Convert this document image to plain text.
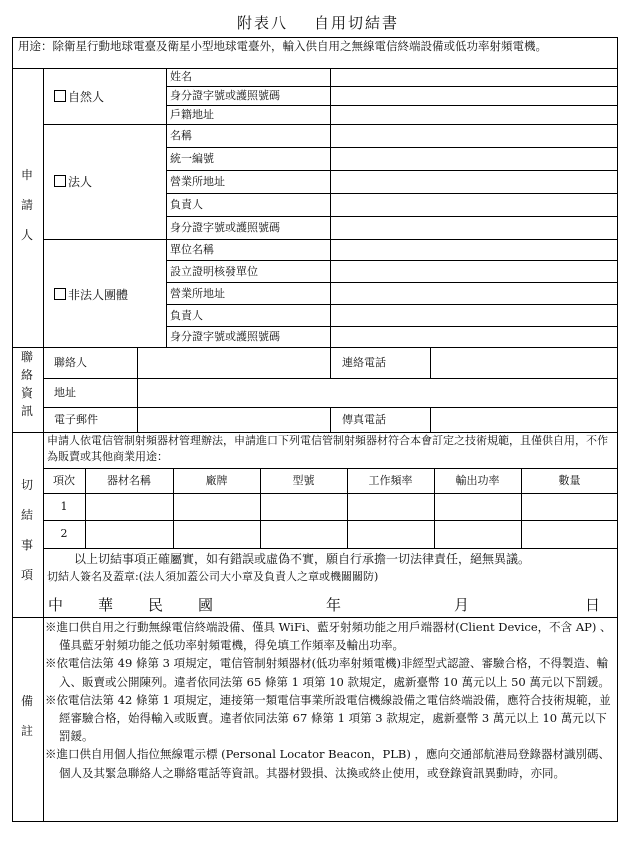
附表八 自用切結書
用途：除衛星行動地球電臺及衛星小型地球電臺外，輸入供自用之無線電信終端設備或低功率射頻電機。
申請人
自然人
姓名
身分證字號或護照號碼
戶籍地址
法人
名稱
統一編號
營業所地址
負責人
身分證字號或護照號碼
非法人團體
單位名稱
設立證明核發單位
營業所地址
負責人
身分證字號或護照號碼
聯絡資訊
聯絡人	連絡電話
地址
電子郵件	傳真電話
切結事項
申請人依電信管制射頻器材管理辦法，申請進口下列電信管制射頻器材符合本會訂定之技術規範，且僅供自用，不作為販賣或其他商業用途：
項次	器材名稱	廠牌	型號	工作頻率	輸出功率	數量
1
2
以上切結事項正確屬實，如有錯誤或虛偽不實，願自行承擔一切法律責任，絕無異議。
切結人簽名及蓋章:(法人須加蓋公司大小章及負責人之章或機關關防)
中 華 民 國	年	月	日
備註
※進口供自用之行動無線電信終端設備、僅具 WiFi、藍牙射頻功能之用戶端器材(Client Device，不含 AP) 、僅具藍牙射頻功能之低功率射頻電機，得免填工作頻率及輸出功率。
※依電信法第 49 條第 3 項規定，電信管制射頻器材(低功率射頻電機)非經型式認證、審驗合格，不得製造、輸入、販賣或公開陳列。違者依同法第 65 條第 1 項第 10 款規定，處新臺幣 10 萬元以上 50 萬元以下罰鍰。
※依電信法第 42 條第 1 項規定，連接第一類電信事業所設電信機線設備之電信終端設備，應符合技術規範，並經審驗合格，始得輸入或販賣。違者依同法第 67 條第 1 項第 3 款規定，處新臺幣 3 萬元以上 10 萬元以下罰鍰。
※進口供自用個人指位無線電示標 (Personal Locator Beacon，PLB) ，應向交通部航港局登錄器材識別碼、個人及其緊急聯絡人之聯絡電話等資訊。其器材毀損、汰換或終止使用，或登錄資訊異動時，亦同。
